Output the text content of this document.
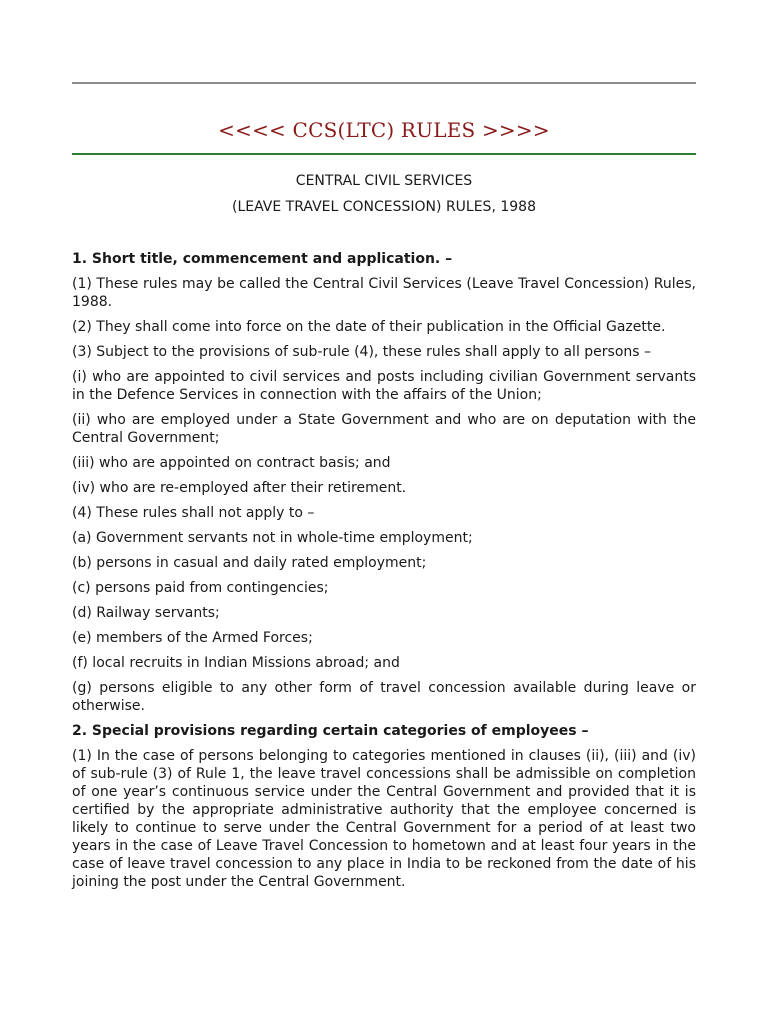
<<<< CCS(LTC) RULES >>>>
CENTRAL CIVIL SERVICES
(LEAVE TRAVEL CONCESSION) RULES, 1988
1. Short title, commencement and application. –
(1) These rules may be called the Central Civil Services (Leave Travel Concession) Rules, 1988.
(2) They shall come into force on the date of their publication in the Official Gazette.
(3) Subject to the provisions of sub-rule (4), these rules shall apply to all persons –
(i) who are appointed to civil services and posts including civilian Government servants in the Defence Services in connection with the affairs of the Union;
(ii) who are employed under a State Government and who are on deputation with the Central Government;
(iii) who are appointed on contract basis; and
(iv) who are re-employed after their retirement.
(4) These rules shall not apply to –
(a) Government servants not in whole-time employment;
(b) persons in casual and daily rated employment;
(c) persons paid from contingencies;
(d) Railway servants;
(e) members of the Armed Forces;
(f) local recruits in Indian Missions abroad; and
(g) persons eligible to any other form of travel concession available during leave or otherwise.
2. Special provisions regarding certain categories of employees –
(1) In the case of persons belonging to categories mentioned in clauses (ii), (iii) and (iv) of sub-rule (3) of Rule 1, the leave travel concessions shall be admissible on completion of one year’s continuous service under the Central Government and provided that it is certified by the appropriate administrative authority that the employee concerned is likely to continue to serve under the Central Government for a period of at least two years in the case of Leave Travel Concession to hometown and at least four years in the case of leave travel concession to any place in India to be reckoned from the date of his joining the post under the Central Government.
